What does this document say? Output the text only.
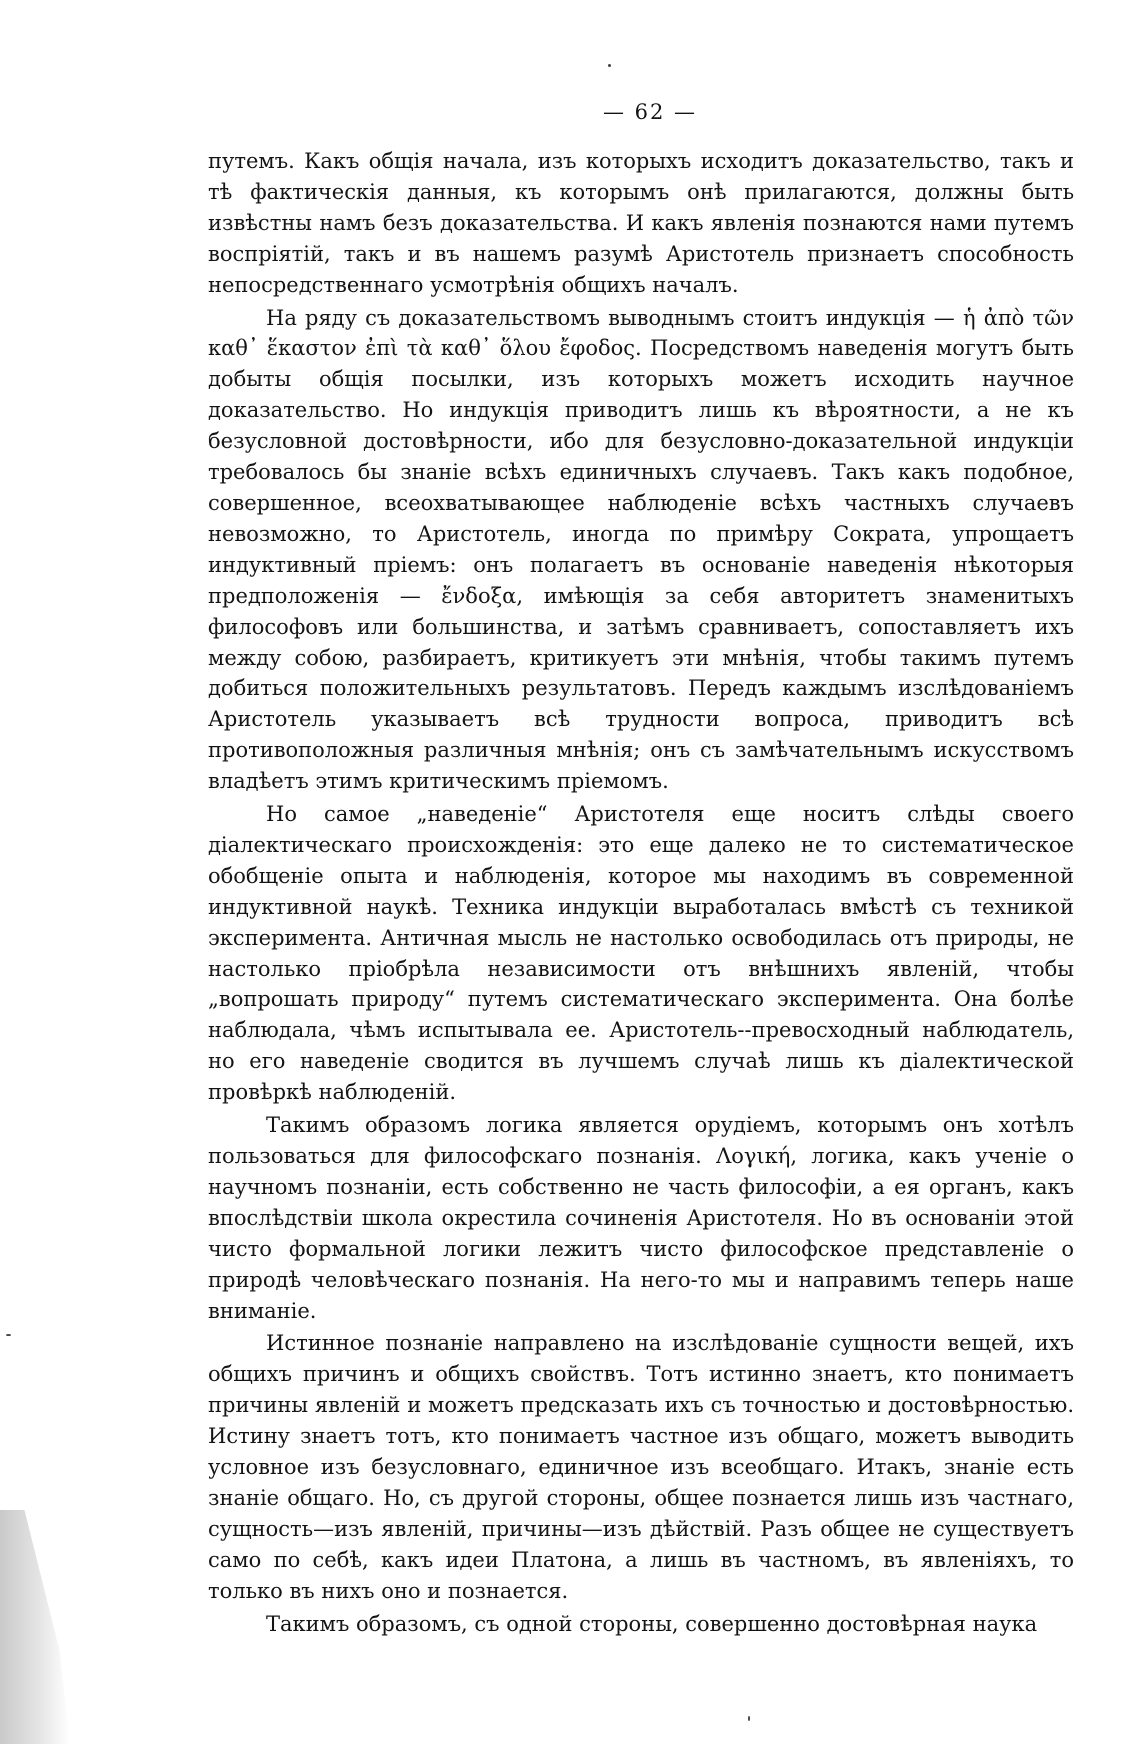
— 62 —

путемъ. Какъ общія начала, изъ которыхъ исходитъ доказательство, такъ и тѣ фактическія данныя, къ которымъ онѣ прилагаются, должны быть извѣстны намъ безъ доказательства. И какъ явленія познаются нами путемъ воспріятій, такъ и въ нашемъ разумѣ Аристотель признаетъ способность непосредственнаго усмотрѣнія общихъ началъ.

На ряду съ доказательствомъ выводнымъ стоитъ индукція — ἡ ἀπὸ τῶν καθ᾽ ἕκαστον ἐπὶ τὰ καθ᾽ ὅλου ἔφοδος. Посредствомъ наведенія могутъ быть добыты общія посылки, изъ которыхъ можетъ исходить научное доказательство. Но индукція приводитъ лишь къ вѣроятности, а не къ безусловной достовѣрности, ибо для безусловно-доказательной индукціи требовалось бы знаніе всѣхъ единичныхъ случаевъ. Такъ какъ подобное, совершенное, всеохватывающее наблюденіе всѣхъ частныхъ случаевъ невозможно, то Аристотель, иногда по примѣру Сократа, упрощаетъ индуктивный пріемъ: онъ полагаетъ въ основаніе наведенія нѣкоторыя предположенія — ἔνδοξα, имѣющія за себя авторитетъ знаменитыхъ философовъ или большинства, и затѣмъ сравниваетъ, сопоставляетъ ихъ между собою, разбираетъ, критикуетъ эти мнѣнія, чтобы такимъ путемъ добиться положительныхъ результатовъ. Передъ каждымъ изслѣдованіемъ Аристотель указываетъ всѣ трудности вопроса, приводитъ всѣ противоположныя различныя мнѣнія; онъ съ замѣчательнымъ искусствомъ владѣетъ этимъ критическимъ пріемомъ.

Но самое „наведеніе“ Аристотеля еще носитъ слѣды своего діалектическаго происхожденія: это еще далеко не то систематическое обобщеніе опыта и наблюденія, которое мы находимъ въ современной индуктивной наукѣ. Техника индукціи выработалась вмѣстѣ съ техникой эксперимента. Античная мысль не настолько освободилась отъ природы, не настолько пріобрѣла независимости отъ внѣшнихъ явленій, чтобы „вопрошать природу“ путемъ систематическаго эксперимента. Она болѣе наблюдала, чѣмъ испытывала ее. Аристотель--превосходный наблюдатель, но его наведеніе сводится въ лучшемъ случаѣ лишь къ діалектической провѣркѣ наблюденій.

Такимъ образомъ логика является орудіемъ, которымъ онъ хотѣлъ пользоваться для философскаго познанія. Λογική, логика, какъ ученіе о научномъ познаніи, есть собственно не часть философіи, а ея органъ, какъ впослѣдствіи школа окрестила сочиненія Аристотеля. Но въ основаніи этой чисто формальной логики лежитъ чисто философское представленіе о природѣ человѣческаго познанія. На него-то мы и направимъ теперь наше вниманіе.

Истинное познаніе направлено на изслѣдованіе сущности вещей, ихъ общихъ причинъ и общихъ свойствъ. Тотъ истинно знаетъ, кто понимаетъ причины явленій и можетъ предсказать ихъ съ точностью и достовѣрностью. Истину знаетъ тотъ, кто понимаетъ частное изъ общаго, можетъ выводить условное изъ безусловнаго, единичное изъ всеобщаго. Итакъ, знаніе есть знаніе общаго. Но, съ другой стороны, общее познается лишь изъ частнаго, сущность—изъ явленій, причины—изъ дѣйствій. Разъ общее не существуетъ само по себѣ, какъ идеи Платона, а лишь въ частномъ, въ явленіяхъ, то только въ нихъ оно и познается.

Такимъ образомъ, съ одной стороны, совершенно достовѣрная наука
